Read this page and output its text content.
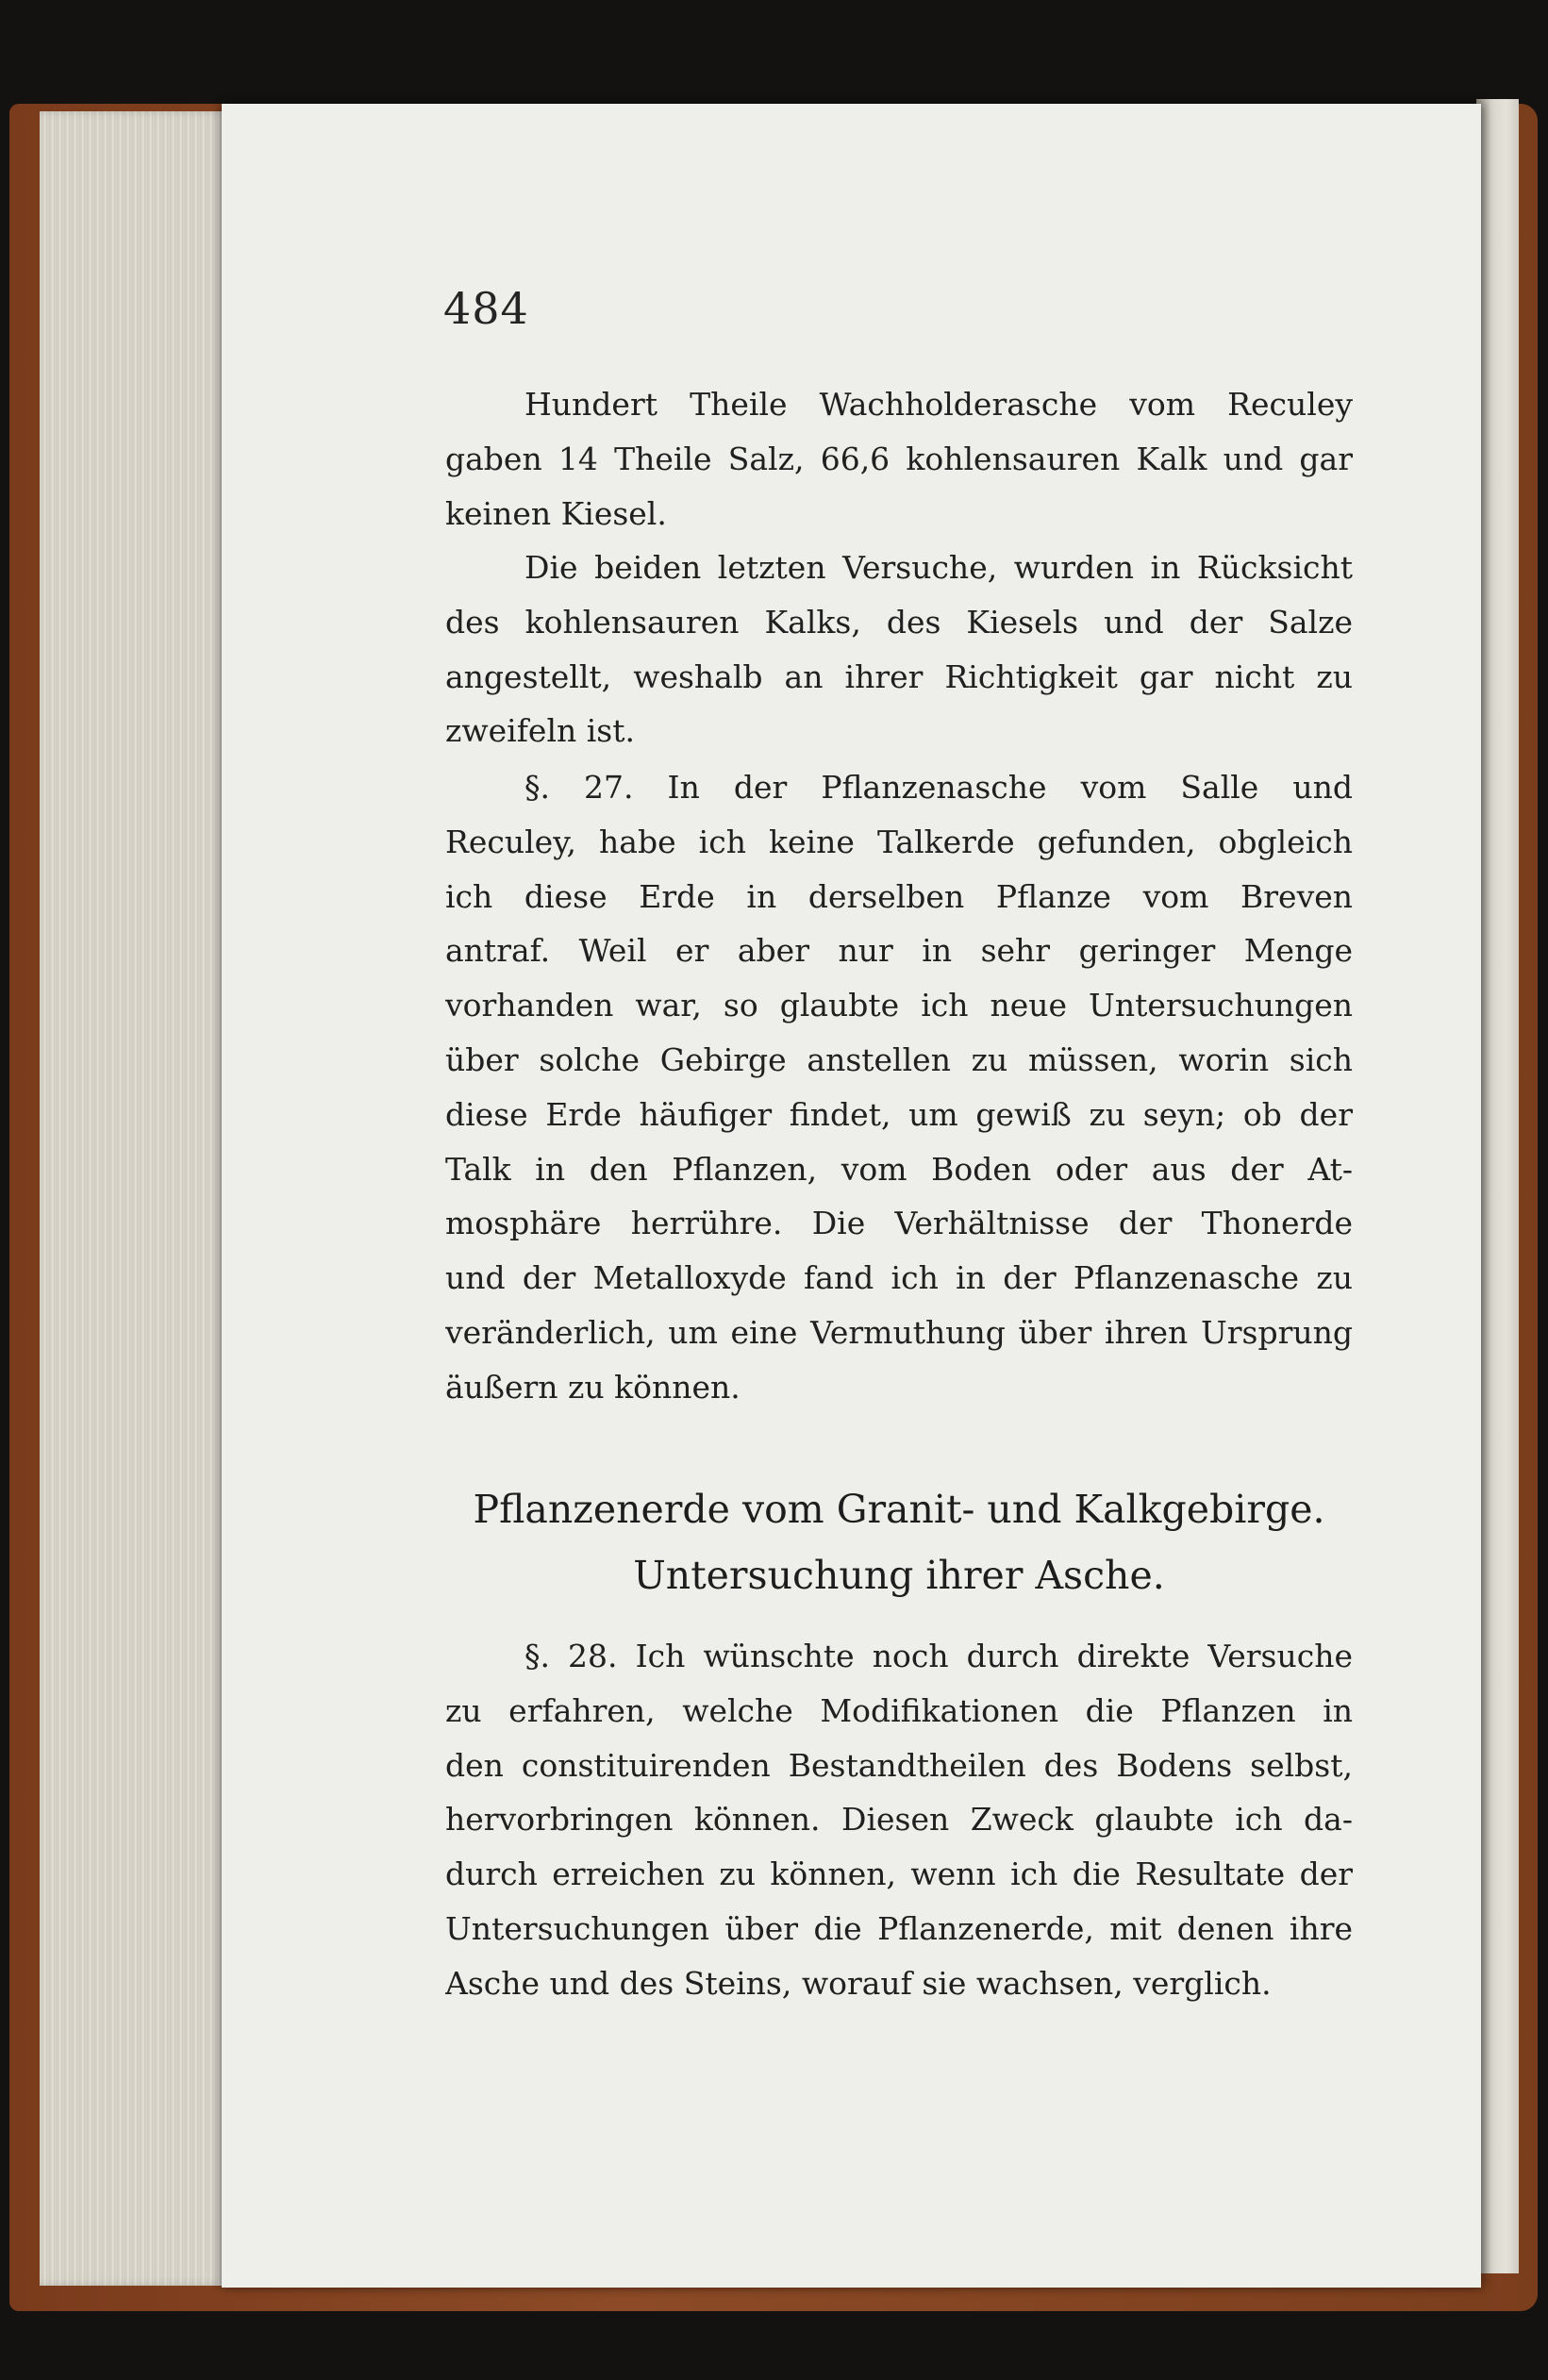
484
Hundert Theile Wachholderasche vom Reculey
gaben 14 Theile Salz, 66,6 kohlensauren Kalk und gar
keinen Kiesel.
Die beiden letzten Versuche, wurden in Rücksicht
des kohlensauren Kalks, des Kiesels und der Salze
angestellt, weshalb an ihrer Richtigkeit gar nicht zu
zweifeln ist.
§. 27. In der Pflanzenasche vom Salle und
Reculey, habe ich keine Talkerde gefunden, obgleich
ich diese Erde in derselben Pflanze vom Breven
antraf. Weil er aber nur in sehr geringer Menge
vorhanden war, so glaubte ich neue Untersuchungen
über solche Gebirge anstellen zu müssen, worin sich
diese Erde häufiger findet, um gewiß zu seyn; ob der
Talk in den Pflanzen, vom Boden oder aus der At-
mosphäre herrühre. Die Verhältnisse der Thonerde
und der Metalloxyde fand ich in der Pflanzenasche zu
veränderlich, um eine Vermuthung über ihren Ursprung
äußern zu können.
Pflanzenerde vom Granit- und Kalkgebirge.
Untersuchung ihrer Asche.
§. 28. Ich wünschte noch durch direkte Versuche
zu erfahren, welche Modifikationen die Pflanzen in
den constituirenden Bestandtheilen des Bodens selbst,
hervorbringen können. Diesen Zweck glaubte ich da-
durch erreichen zu können, wenn ich die Resultate der
Untersuchungen über die Pflanzenerde, mit denen ihre
Asche und des Steins, worauf sie wachsen, verglich.
